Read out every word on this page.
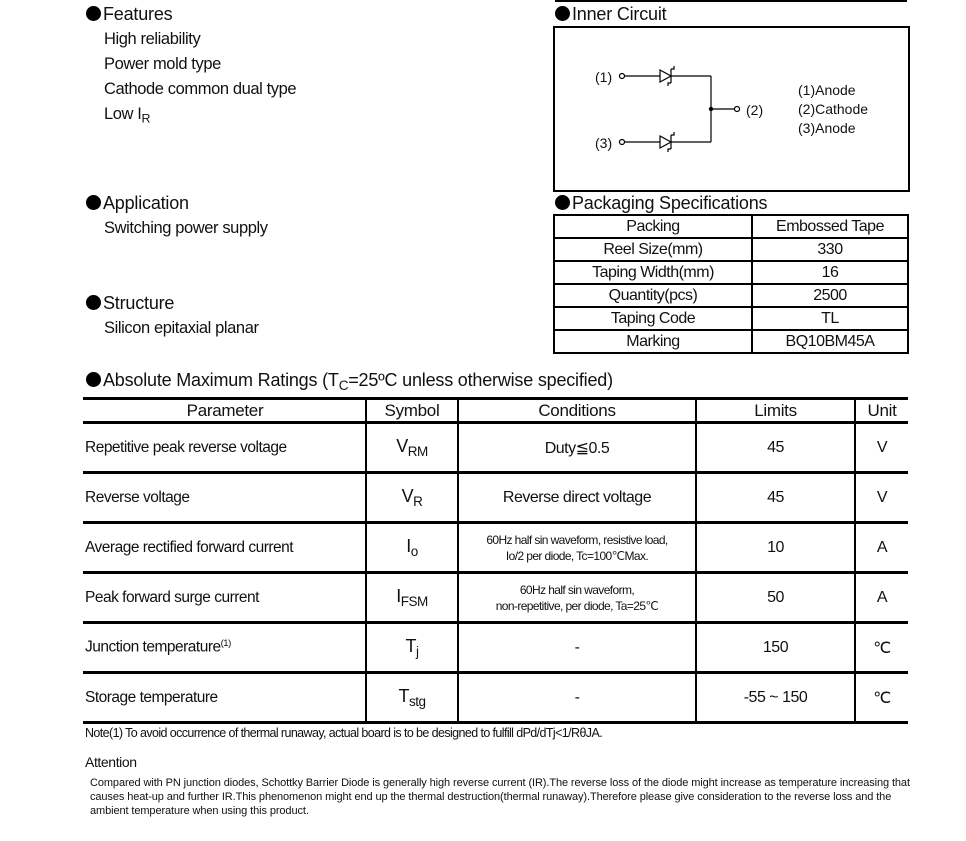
Features
High reliability
Power mold type
Cathode common dual type
Low $I_R$
Application
Switching power supply
Structure
Silicon epitaxial planar
Inner Circuit
(1)
(2)
(3)
(1)Anode
(2)Cathode
(3)Anode
Packaging Specifications
Packing	Embossed Tape
Reel Size(mm)	330
Taping Width(mm)	16
Quantity(pcs)	2500
Taping Code	TL
Marking	BQ10BM45A
Absolute Maximum Ratings ($T_C=25ºC$ unless otherwise specified)
Parameter	Symbol	Conditions	Limits	Unit
Repetitive peak reverse voltage	$V_{RM}$	Duty≦0.5	45	V
Reverse voltage	$V_R$	Reverse direct voltage	45	V
Average rectified forward current	$I_o$	60Hz half sin waveform, resistive load,
Io/2 per diode, Tc=100℃Max.	10	A
Peak forward surge current	$I_{FSM}$	60Hz half sin waveform,
non-repetitive, per diode, Ta=25℃	50	A
Junction temperature$^{(1)}$	$T_j$	-	150	℃
Storage temperature	$T_{stg}$	-	-55 ~ 150	℃
Note(1) To avoid occurrence of thermal runaway, actual board is to be designed to fulfill dPd/dTj<1/RθJA.
Attention
Compared with PN junction diodes, Schottky Barrier Diode is generally high reverse current (IR).The reverse loss of the diode might increase as temperature increasing that causes heat-up and further IR.This phenomenon might end up the thermal destruction(thermal runaway).Therefore please give consideration to the reverse loss and the ambient temperature when using this product.
